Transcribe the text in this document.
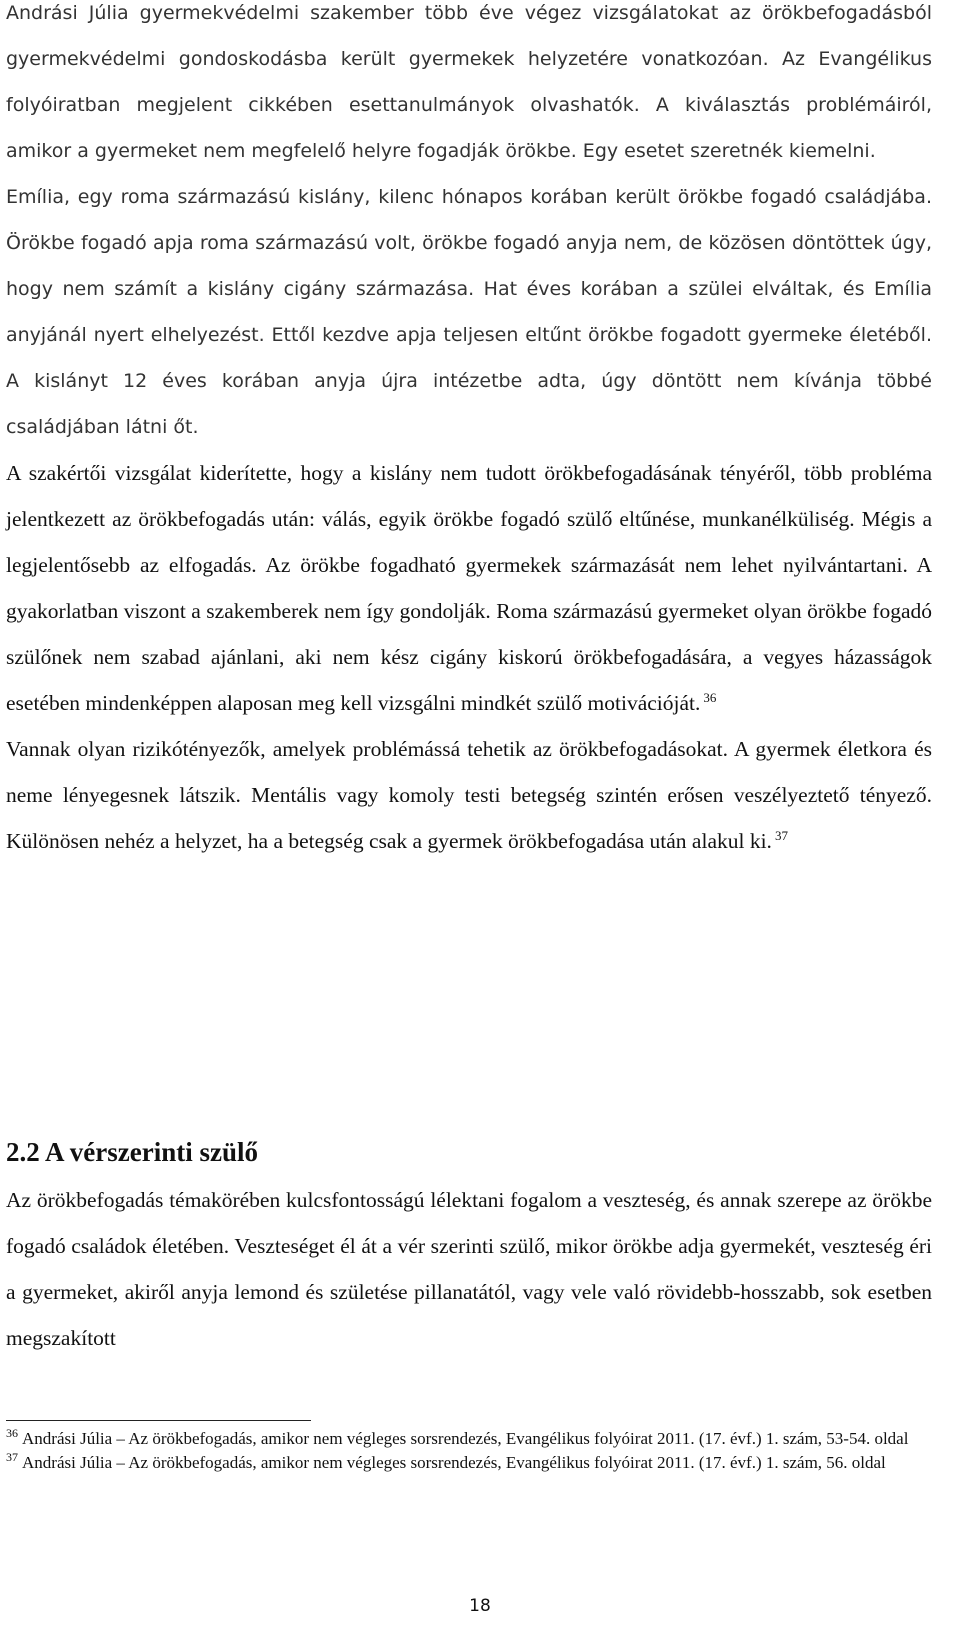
Andrási Júlia gyermekvédelmi szakember több éve végez vizsgálatokat az örökbefogadásból gyermekvédelmi gondoskodásba került gyermekek helyzetére vonatkozóan. Az Evangélikus folyóiratban megjelent cikkében esettanulmányok olvashatók. A kiválasztás problémáiról, amikor a gyermeket nem megfelelő helyre fogadják örökbe. Egy esetet szeretnék kiemelni.

Emília, egy roma származású kislány, kilenc hónapos korában került örökbe fogadó családjába. Örökbe fogadó apja roma származású volt, örökbe fogadó anyja nem, de közösen döntöttek úgy, hogy nem számít a kislány cigány származása. Hat éves korában a szülei elváltak, és Emília anyjánál nyert elhelyezést. Ettől kezdve apja teljesen eltűnt örökbe fogadott gyermeke életéből. A kislányt 12 éves korában anyja újra intézetbe adta, úgy döntött nem kívánja többé családjában látni őt.

A szakértői vizsgálat kiderítette, hogy a kislány nem tudott örökbefogadásának tényéről, több probléma jelentkezett az örökbefogadás után: válás, egyik örökbe fogadó szülő eltűnése, munkanélküliség. Mégis a legjelentősebb az elfogadás. Az örökbe fogadható gyermekek származását nem lehet nyilvántartani. A gyakorlatban viszont a szakemberek nem így gondolják. Roma származású gyermeket olyan örökbe fogadó szülőnek nem szabad ajánlani, aki nem kész cigány kiskorú örökbefogadására, a vegyes házasságok esetében mindenképpen alaposan meg kell vizsgálni mindkét szülő motivációját. $^{36}$

Vannak olyan rizikótényezők, amelyek problémássá tehetik az örökbefogadásokat. A gyermek életkora és neme lényegesnek látszik. Mentális vagy komoly testi betegség szintén erősen veszélyeztető tényező. Különösen nehéz a helyzet, ha a betegség csak a gyermek örökbefogadása után alakul ki. $^{37}$

2.2 A vérszerinti szülő

Az örökbefogadás témakörében kulcsfontosságú lélektani fogalom a veszteség, és annak szerepe az örökbe fogadó családok életében. Veszteséget él át a vér szerinti szülő, mikor örökbe adja gyermekét, veszteség éri a gyermeket, akiről anyja lemond és születése pillanatától, vagy vele való rövidebb-hosszabb, sok esetben megszakított

$^{36}$ Andrási Júlia – Az örökbefogadás, amikor nem végleges sorsrendezés, Evangélikus folyóirat 2011. (17. évf.) 1. szám, 53-54. oldal

$^{37}$ Andrási Júlia – Az örökbefogadás, amikor nem végleges sorsrendezés, Evangélikus folyóirat 2011. (17. évf.) 1. szám, 56. oldal

18
